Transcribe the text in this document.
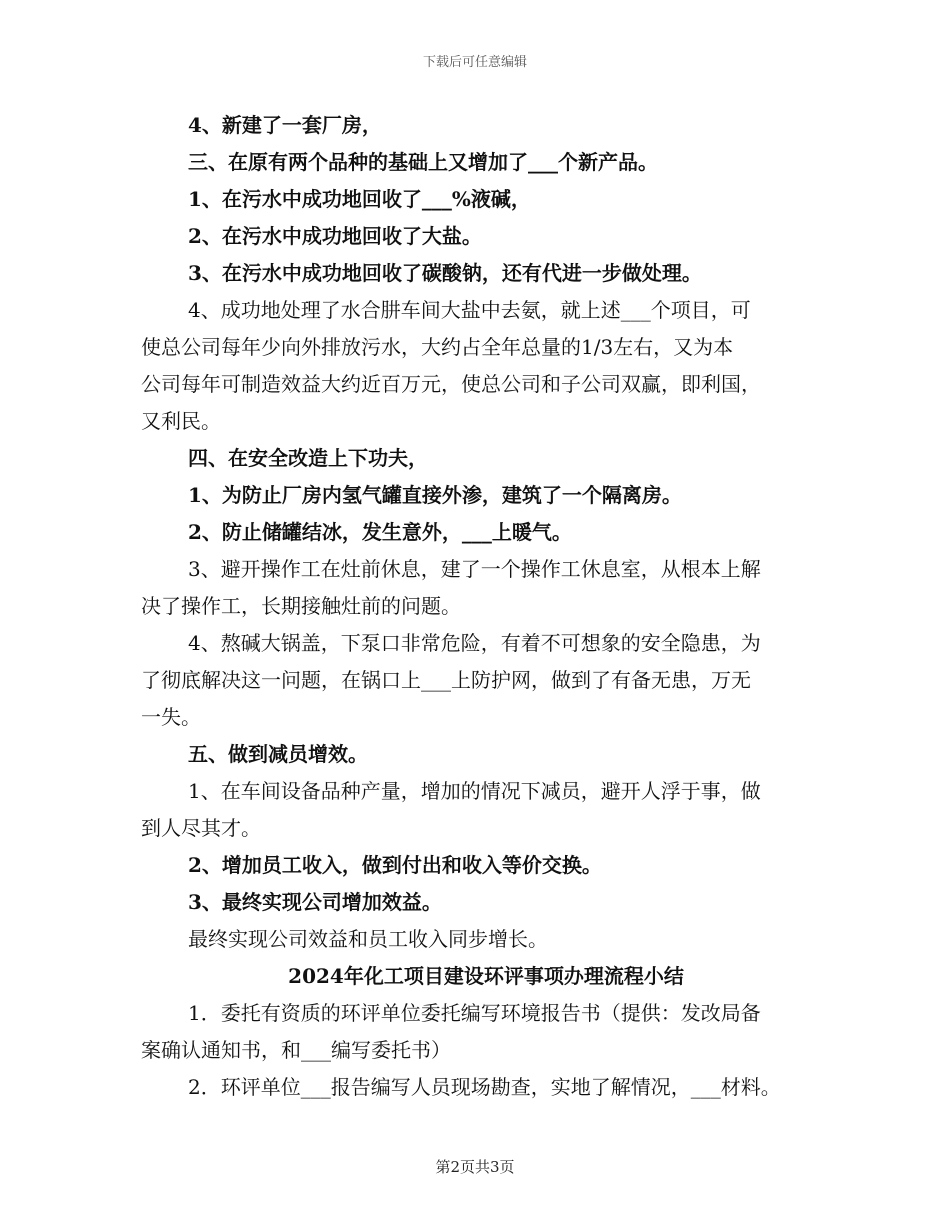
下载后可任意编辑
4、新建了一套厂房，
三、在原有两个品种的基础上又增加了___个新产品。
1、在污水中成功地回收了___%液碱，
2、在污水中成功地回收了大盐。
3、在污水中成功地回收了碳酸钠，还有代进一步做处理。
4、成功地处理了水合肼车间大盐中去氨，就上述___个项目，可
使总公司每年少向外排放污水，大约占全年总量的1/3左右，又为本
公司每年可制造效益大约近百万元，使总公司和子公司双赢，即利国，
又利民。
四、在安全改造上下功夫，
1、为防止厂房内氢气罐直接外渗，建筑了一个隔离房。
2、防止储罐结冰，发生意外，___上暖气。
3、避开操作工在灶前休息，建了一个操作工休息室，从根本上解
决了操作工，长期接触灶前的问题。
4、熬碱大锅盖，下泵口非常危险，有着不可想象的安全隐患，为
了彻底解决这一问题，在锅口上___上防护网，做到了有备无患，万无
一失。
五、做到减员增效。
1、在车间设备品种产量，增加的情况下减员，避开人浮于事，做
到人尽其才。
2、增加员工收入，做到付出和收入等价交换。
3、最终实现公司增加效益。
最终实现公司效益和员工收入同步增长。
2024年化工项目建设环评事项办理流程小结
1．委托有资质的环评单位委托编写环境报告书（提供：发改局备
案确认通知书，和___编写委托书）
2．环评单位___报告编写人员现场勘查，实地了解情况，___材料。
第2页共3页
